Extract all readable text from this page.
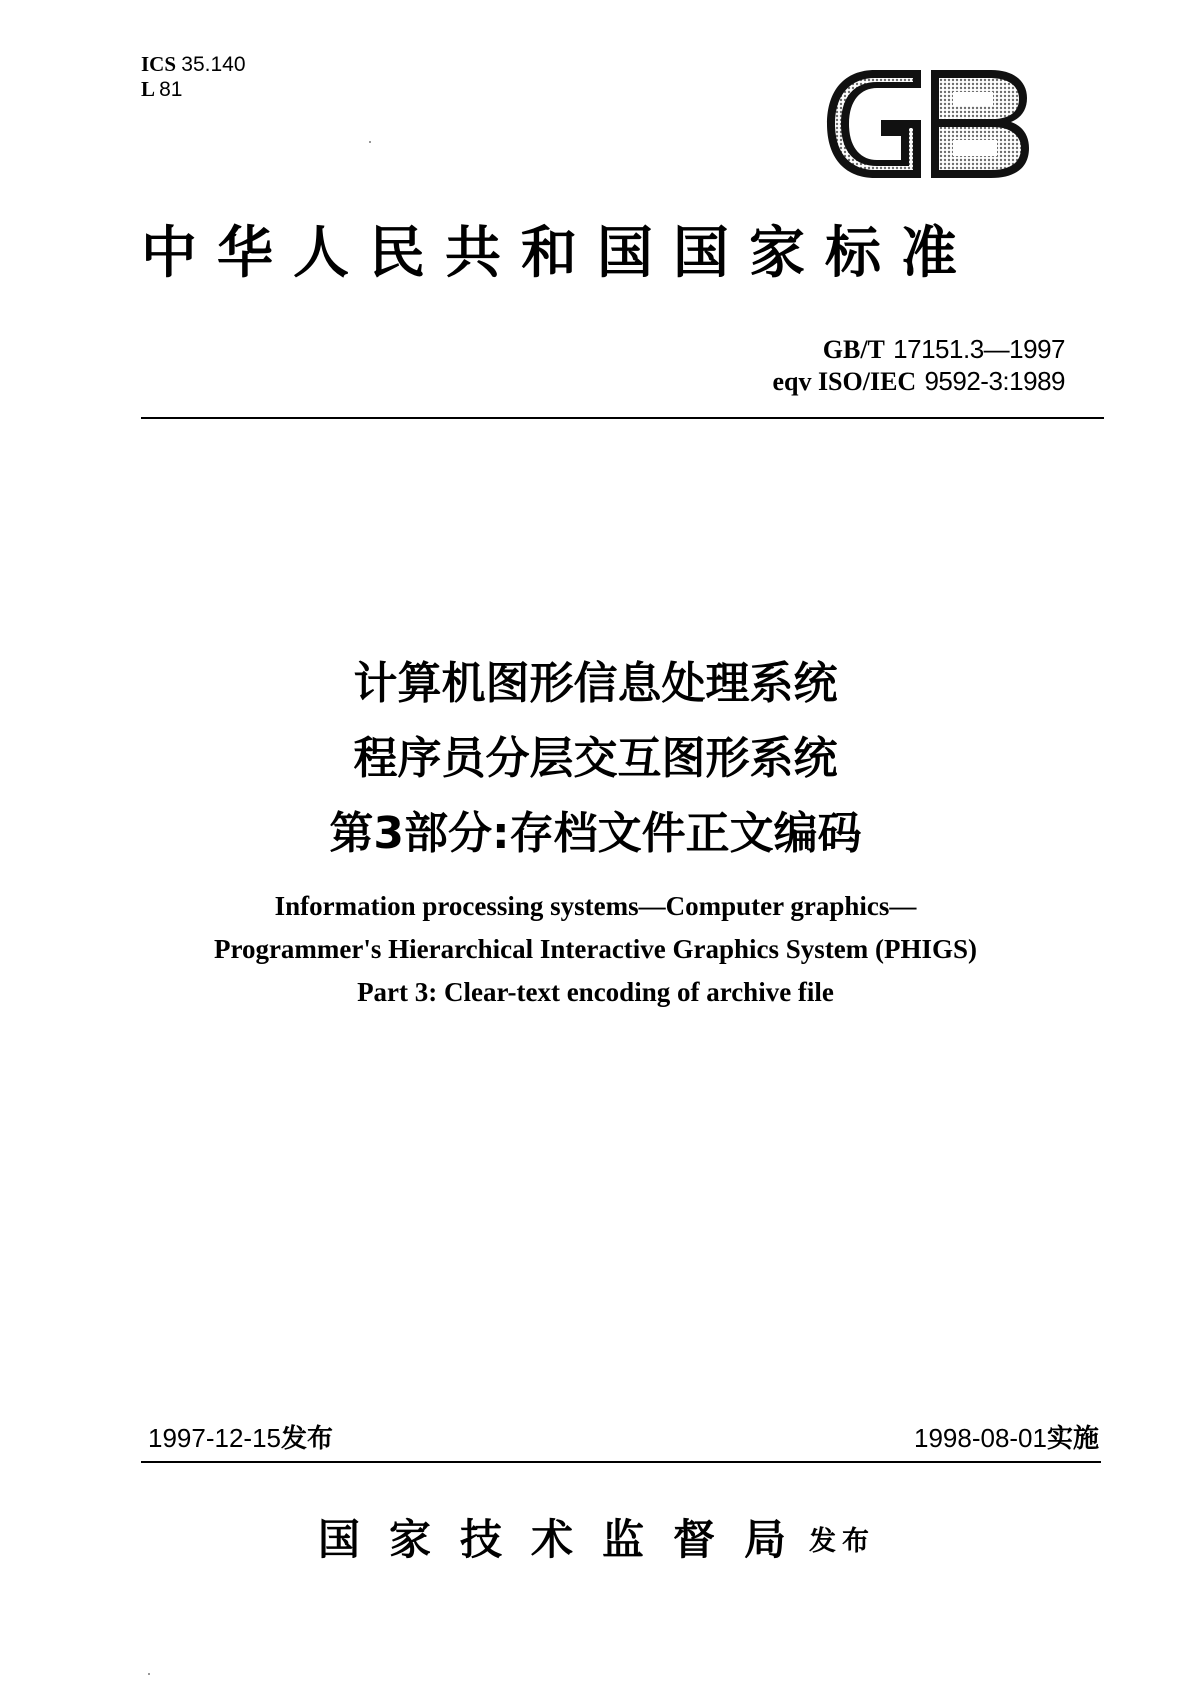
ICS 35.140
L 81
GB
中华人民共和国国家标准
GB/T 17151.3—1997
eqv ISO/IEC 9592-3:1989
计算机图形信息处理系统
程序员分层交互图形系统
第3部分:存档文件正文编码
Information processing systems—Computer graphics—
Programmer's Hierarchical Interactive Graphics System (PHIGS)
Part 3: Clear-text encoding of archive file
1997-12-15发布	1998-08-01实施
国家技术监督局发布
